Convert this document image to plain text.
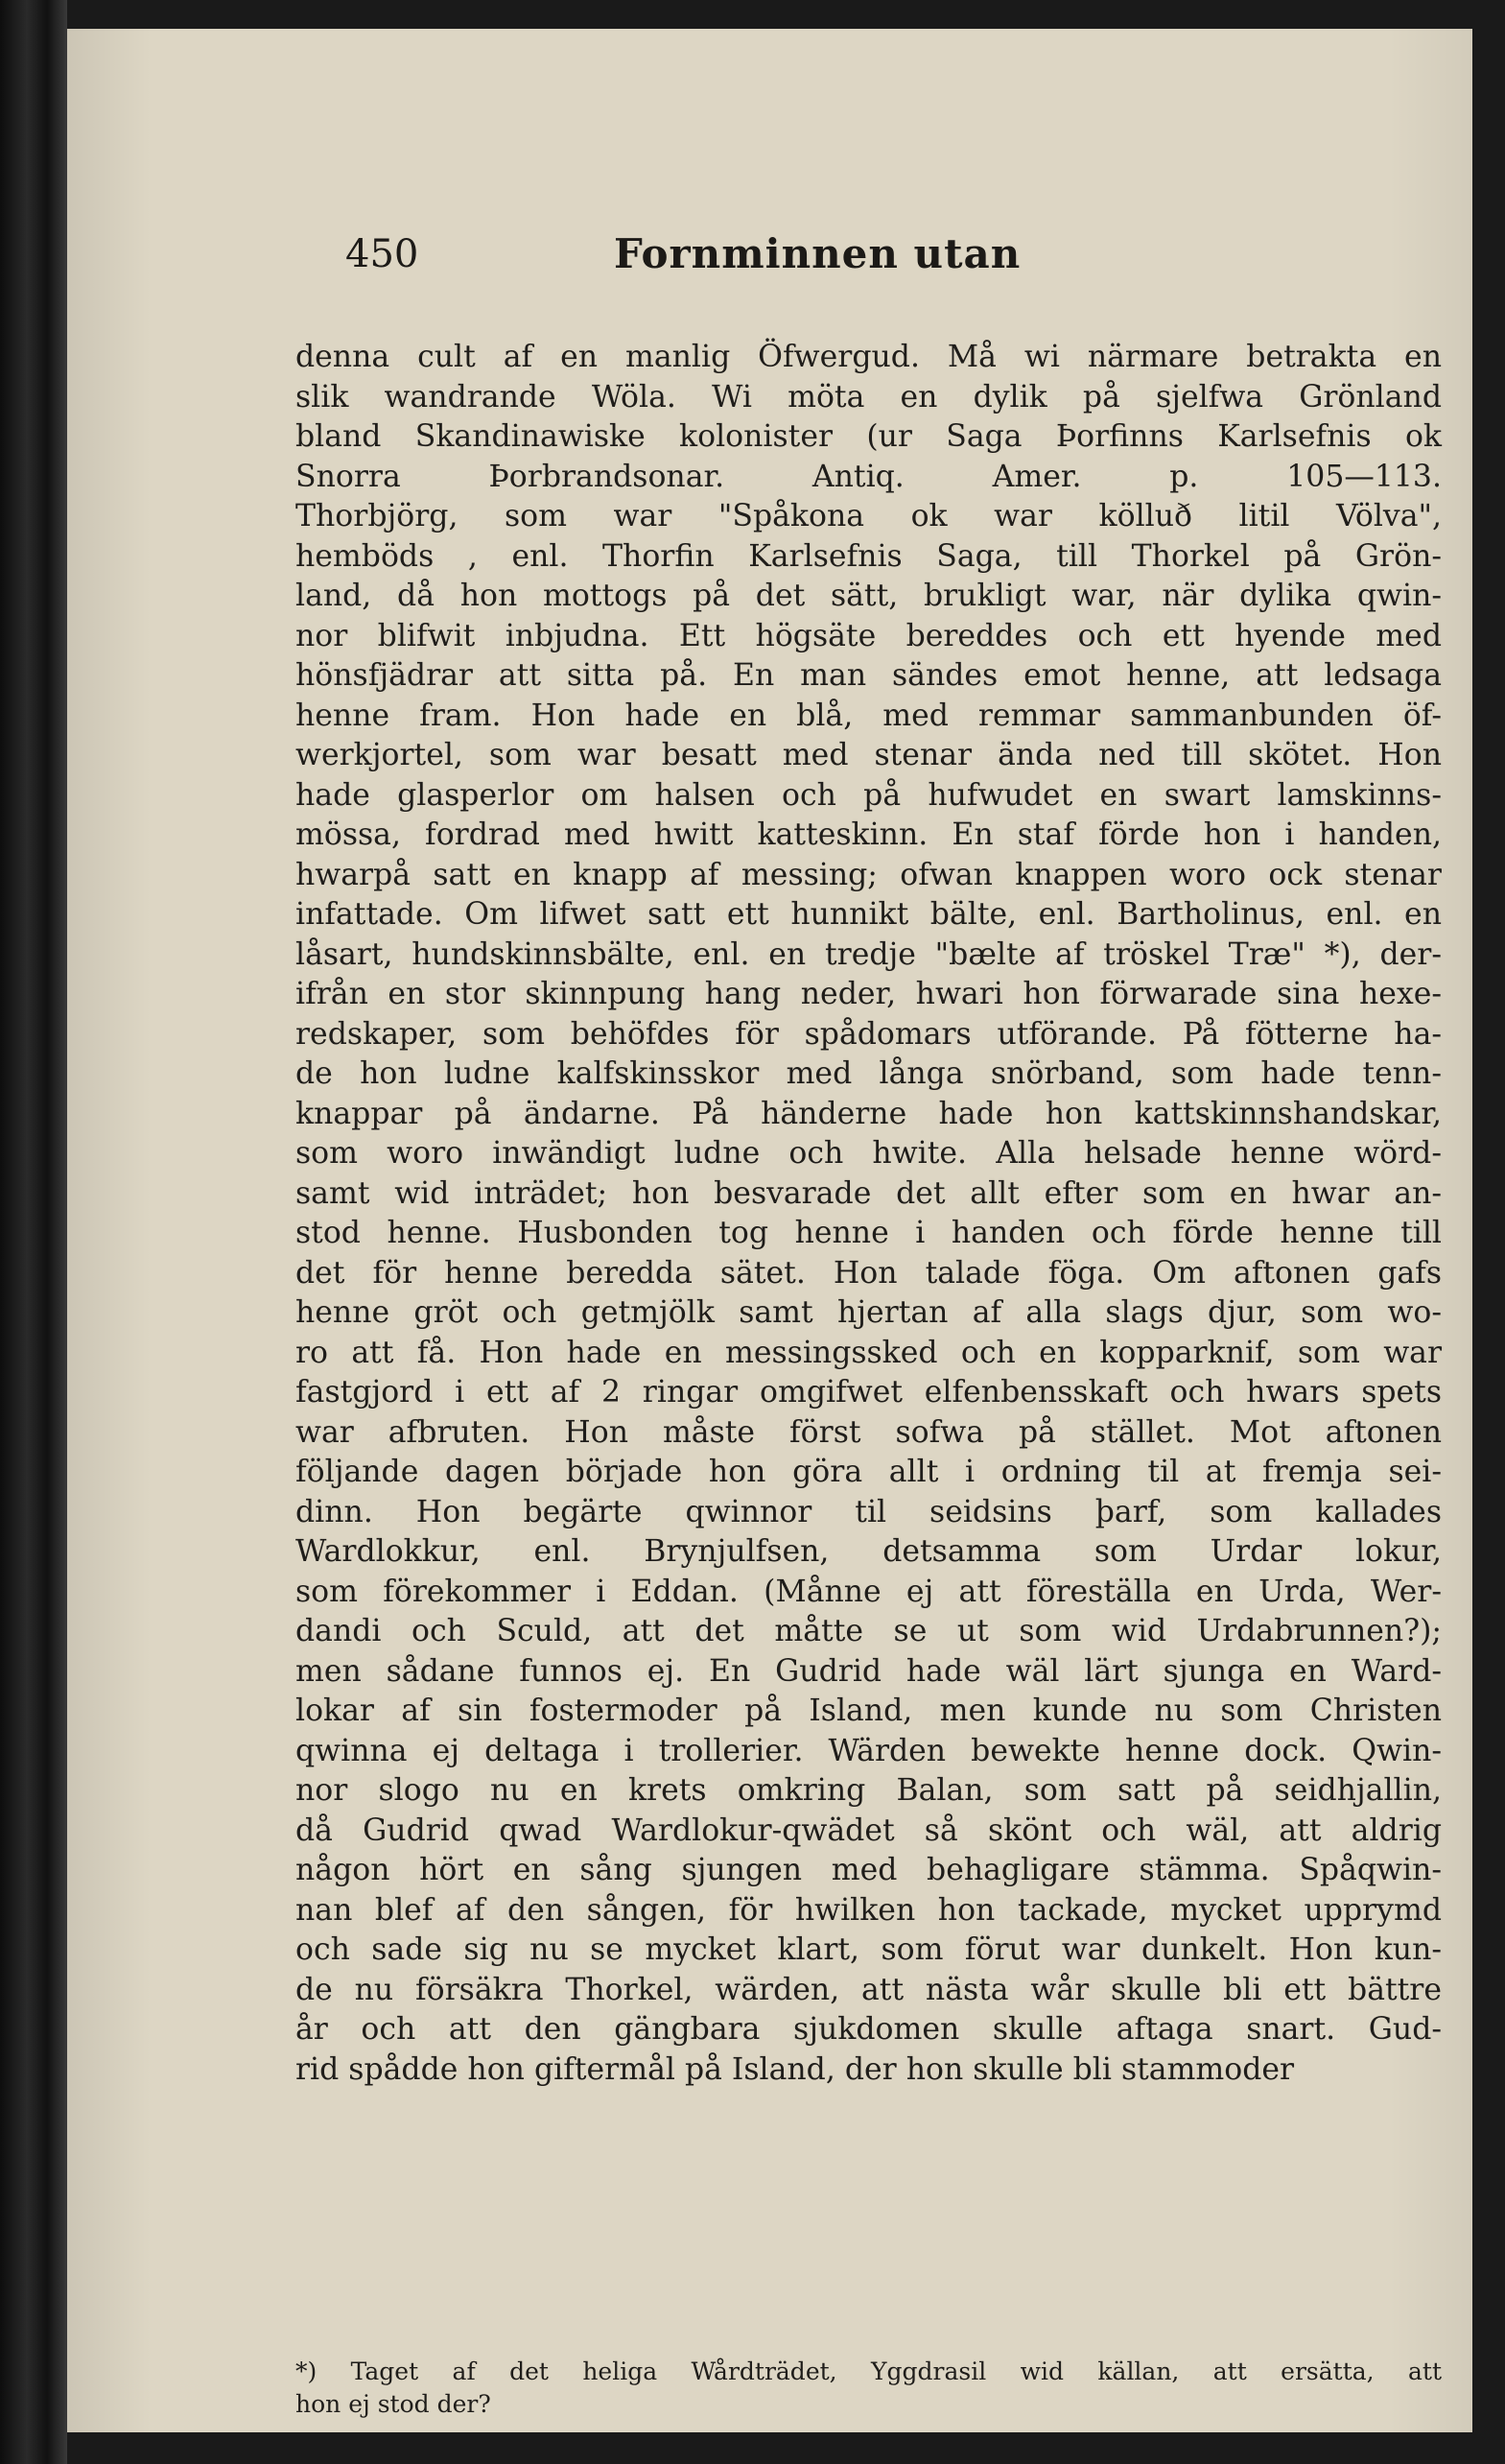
450	Fornminnen utan
denna cult af en manlig Öfwergud. Må wi närmare betrakta en
slik wandrande Wöla. Wi möta en dylik på sjelfwa Grönland
bland Skandinawiske kolonister (ur Saga Þorfinns Karlsefnis ok
Snorra Þorbrandsonar. Antiq. Amer. p. 105—113.
Thorbjörg, som war "Spåkona ok war kölluð litil Völva",
hemböds , enl. Thorfin Karlsefnis Saga, till Thorkel på Grön-
land, då hon mottogs på det sätt, brukligt war, när dylika qwin-
nor blifwit inbjudna. Ett högsäte bereddes och ett hyende med
hönsfjädrar att sitta på. En man sändes emot henne, att ledsaga
henne fram. Hon hade en blå, med remmar sammanbunden öf-
werkjortel, som war besatt med stenar ända ned till skötet. Hon
hade glasperlor om halsen och på hufwudet en swart lamskinns-
mössa, fordrad med hwitt katteskinn. En staf förde hon i handen,
hwarpå satt en knapp af messing; ofwan knappen woro ock stenar
infattade. Om lifwet satt ett hunnikt bälte, enl. Bartholinus, enl. en
låsart, hundskinnsbälte, enl. en tredje "bælte af tröskel Træ" *), der-
ifrån en stor skinnpung hang neder, hwari hon förwarade sina hexe-
redskaper, som behöfdes för spådomars utförande. På fötterne ha-
de hon ludne kalfskinsskor med långa snörband, som hade tenn-
knappar på ändarne. På händerne hade hon kattskinnshandskar,
som woro inwändigt ludne och hwite. Alla helsade henne wörd-
samt wid inträdet; hon besvarade det allt efter som en hwar an-
stod henne. Husbonden tog henne i handen och förde henne till
det för henne beredda sätet. Hon talade föga. Om aftonen gafs
henne gröt och getmjölk samt hjertan af alla slags djur, som wo-
ro att få. Hon hade en messingssked och en kopparknif, som war
fastgjord i ett af 2 ringar omgifwet elfenbensskaft och hwars spets
war afbruten. Hon måste först sofwa på stället. Mot aftonen
följande dagen började hon göra allt i ordning til at fremja sei-
dinn. Hon begärte qwinnor til seidsins þarf, som kallades
Wardlokkur, enl. Brynjulfsen, detsamma som Urdar lokur,
som förekommer i Eddan. (Månne ej att föreställa en Urda, Wer-
dandi och Sculd, att det måtte se ut som wid Urdabrunnen?);
men sådane funnos ej. En Gudrid hade wäl lärt sjunga en Ward-
lokar af sin fostermoder på Island, men kunde nu som Christen
qwinna ej deltaga i trollerier. Wärden bewekte henne dock. Qwin-
nor slogo nu en krets omkring Balan, som satt på seidhjallin,
då Gudrid qwad Wardlokur-qwädet så skönt och wäl, att aldrig
någon hört en sång sjungen med behagligare stämma. Spåqwin-
nan blef af den sången, för hwilken hon tackade, mycket upprymd
och sade sig nu se mycket klart, som förut war dunkelt. Hon kun-
de nu försäkra Thorkel, wärden, att nästa wår skulle bli ett bättre
år och att den gängbara sjukdomen skulle aftaga snart. Gud-
rid spådde hon giftermål på Island, der hon skulle bli stammoder
*) Taget af det heliga Wårdträdet, Yggdrasil wid källan, att ersätta, att
hon ej stod der?
